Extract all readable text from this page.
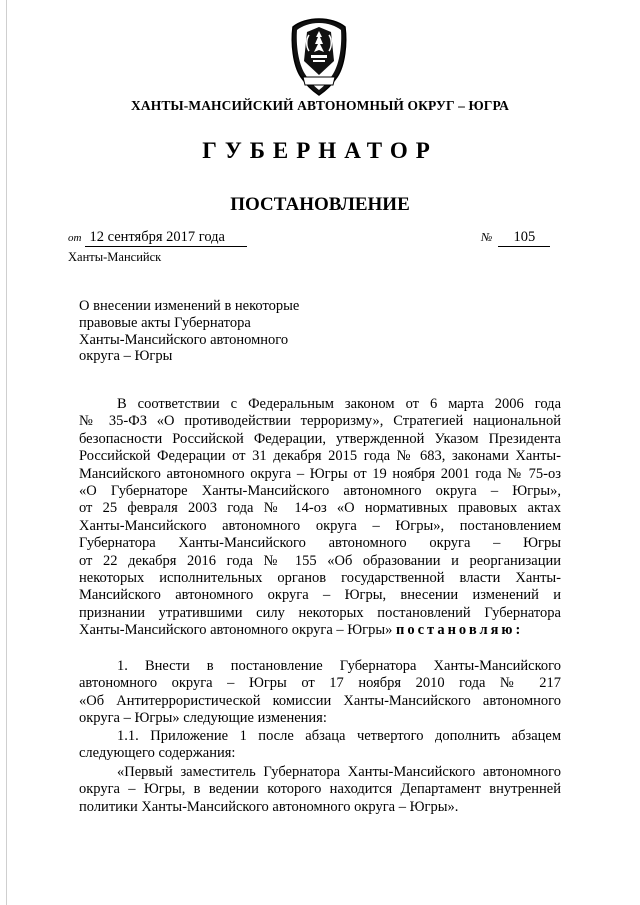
ХАНТЫ-МАНСИЙСКИЙ АВТОНОМНЫЙ ОКРУГ – ЮГРА
ГУБЕРНАТОР
ПОСТАНОВЛЕНИЕ
от 12 сентября 2017 года	№ 105
Ханты-Мансийск
О внесении изменений в некоторые
правовые акты Губернатора
Ханты-Мансийского автономного
округа – Югры
В соответствии с Федеральным законом от 6 марта 2006 года
№ 35-ФЗ «О противодействии терроризму», Стратегией национальной
безопасности Российской Федерации, утвержденной Указом Президента
Российской Федерации от 31 декабря 2015 года № 683, законами Ханты-
Мансийского автономного округа – Югры от 19 ноября 2001 года № 75-оз
«О Губернаторе Ханты-Мансийского автономного округа – Югры»,
от 25 февраля 2003 года № 14-оз «О нормативных правовых актах
Ханты-Мансийского автономного округа – Югры», постановлением
Губернатора Ханты-Мансийского автономного округа – Югры
от 22 декабря 2016 года № 155 «Об образовании и реорганизации
некоторых исполнительных органов государственной власти Ханты-
Мансийского автономного округа – Югры, внесении изменений и
признании утратившими силу некоторых постановлений Губернатора
Ханты-Мансийского автономного округа – Югры» постановляю:
1. Внести в постановление Губернатора Ханты-Мансийского
автономного округа – Югры от 17 ноября 2010 года № 217
«Об Антитеррористической комиссии Ханты-Мансийского автономного
округа – Югры» следующие изменения:
1.1. Приложение 1 после абзаца четвертого дополнить абзацем
следующего содержания:
«Первый заместитель Губернатора Ханты-Мансийского автономного
округа – Югры, в ведении которого находится Департамент внутренней
политики Ханты-Мансийского автономного округа – Югры».
